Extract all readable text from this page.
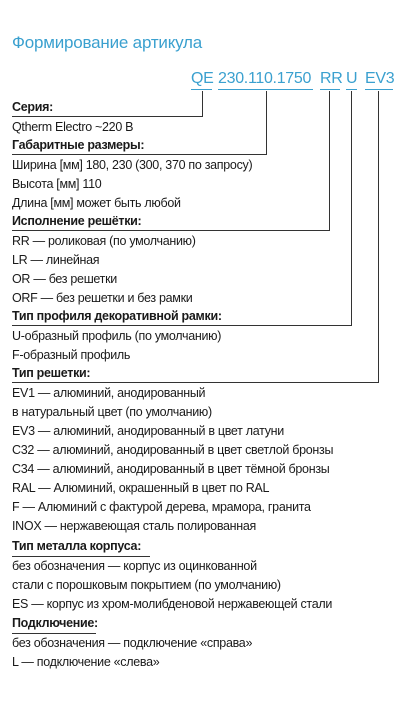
Формирование артикула
QE 230.110.1750 RR U EV3
Серия:
Qtherm Electro ~220 В
Габаритные размеры:
Ширина [мм] 180, 230 (300, 370 по запросу)
Высота [мм] 110
Длина [мм] может быть любой
Исполнение решётки:
RR — роликовая (по умолчанию)
LR — линейная
OR — без решетки
ORF — без решетки и без рамки
Тип профиля декоративной рамки:
U-образный профиль (по умолчанию)
F-образный профиль
Тип решетки:
EV1 — алюминий, анодированный
в натуральный цвет (по умолчанию)
EV3 — алюминий, анодированный в цвет латуни
C32 — алюминий, анодированный в цвет светлой бронзы
C34 — алюминий, анодированный в цвет тёмной бронзы
RAL — Алюминий, окрашенный в цвет по RAL
F — Алюминий с фактурой дерева, мрамора, гранита
INOX — нержавеющая сталь полированная
Тип металла корпуса:
без обозначения — корпус из оцинкованной
стали с порошковым покрытием (по умолчанию)
ES — корпус из хром-молибденовой нержавеющей стали
Подключение:
без обозначения — подключение «справа»
L — подключение «слева»
